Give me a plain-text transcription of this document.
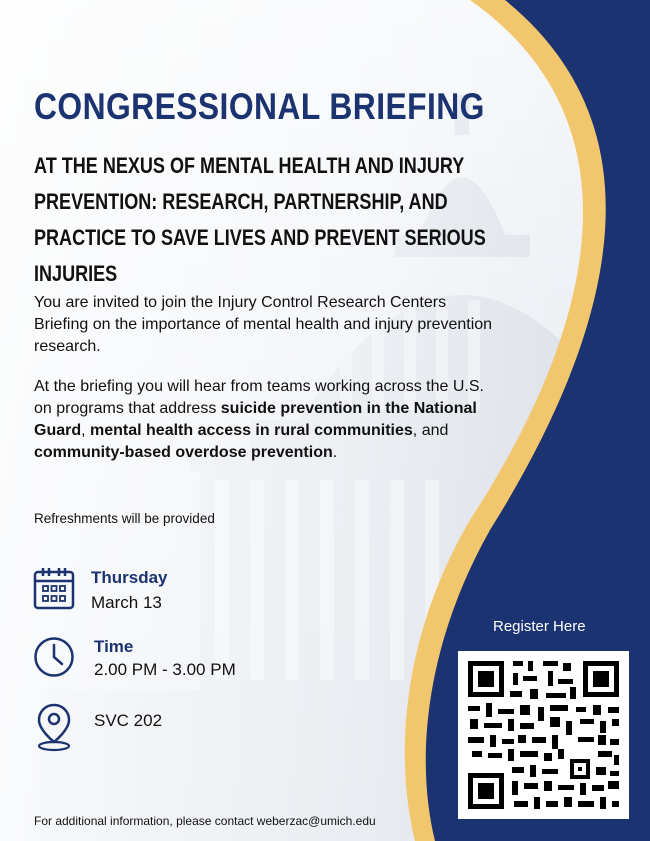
CONGRESSIONAL BRIEFING
AT THE NEXUS OF MENTAL HEALTH AND INJURY PREVENTION: RESEARCH, PARTNERSHIP, AND PRACTICE TO SAVE LIVES AND PREVENT SERIOUS INJURIES

You are invited to join the Injury Control Research Centers Briefing on the importance of mental health and injury prevention research.

At the briefing you will hear from teams working across the U.S. on programs that address suicide prevention in the National Guard, mental health access in rural communities, and community-based overdose prevention.

Refreshments will be provided

Thursday

March 13

Time

2.00 PM - 3.00 PM

SVC 202

Register Here

For additional information, please contact weberzac@umich.edu
